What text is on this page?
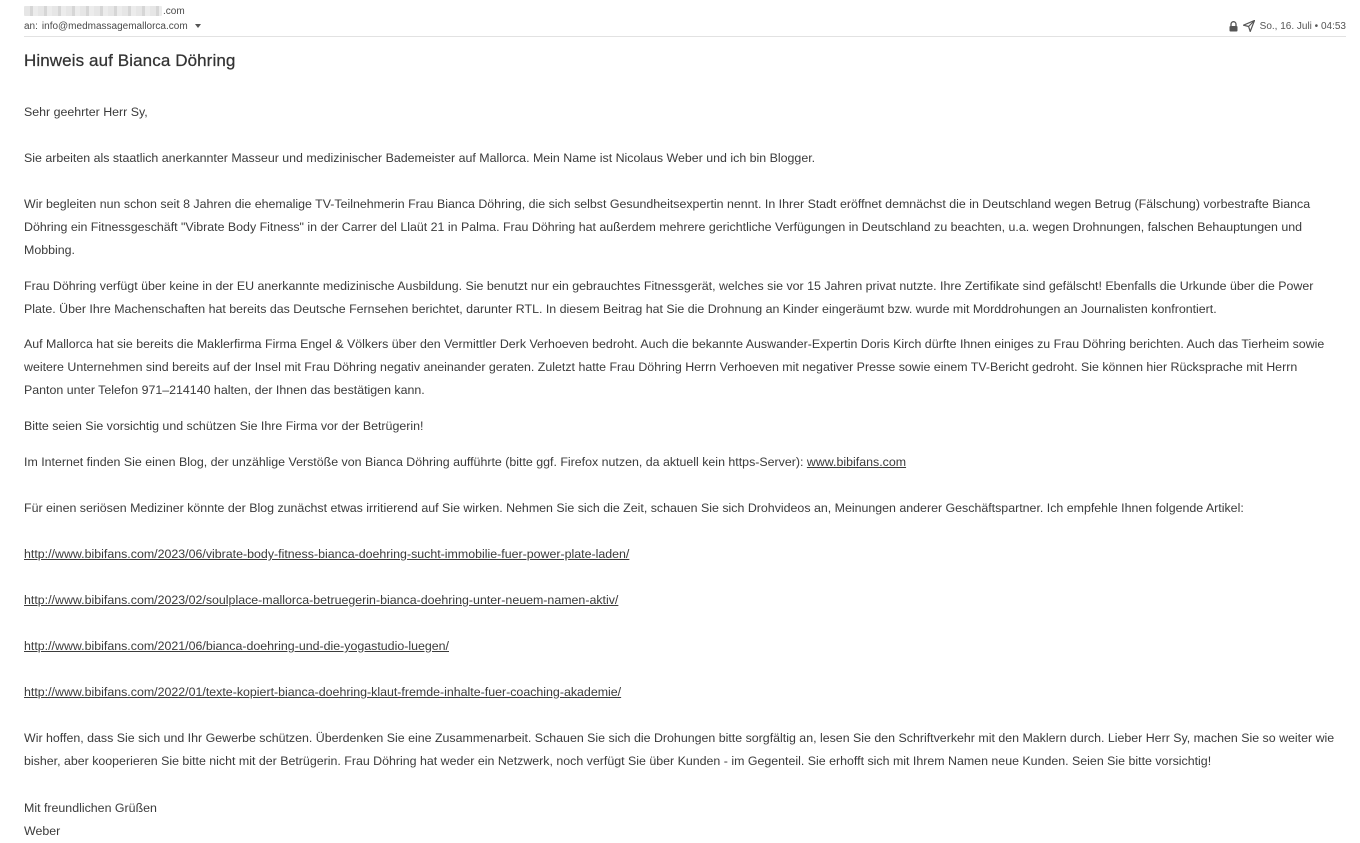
.com
an: info@medmassagemallorca.com	So., 16. Juli • 04:53
Hinweis auf Bianca Döhring

Sehr geehrter Herr Sy,

Sie arbeiten als staatlich anerkannter Masseur und medizinischer Bademeister auf Mallorca. Mein Name ist Nicolaus Weber und ich bin Blogger.

Wir begleiten nun schon seit 8 Jahren die ehemalige TV-Teilnehmerin Frau Bianca Döhring, die sich selbst Gesundheitsexpertin nennt. In Ihrer Stadt eröffnet demnächst die in Deutschland wegen Betrug (Fälschung) vorbestrafte Bianca Döhring ein Fitnessgeschäft "Vibrate Body Fitness" in der Carrer del Llaüt 21 in Palma. Frau Döhring hat außerdem mehrere gerichtliche Verfügungen in Deutschland zu beachten, u.a. wegen Drohnungen, falschen Behauptungen und Mobbing.

Frau Döhring verfügt über keine in der EU anerkannte medizinische Ausbildung. Sie benutzt nur ein gebrauchtes Fitnessgerät, welches sie vor 15 Jahren privat nutzte. Ihre Zertifikate sind gefälscht! Ebenfalls die Urkunde über die Power Plate. Über Ihre Machenschaften hat bereits das Deutsche Fernsehen berichtet, darunter RTL. In diesem Beitrag hat Sie die Drohnung an Kinder eingeräumt bzw. wurde mit Morddrohungen an Journalisten konfrontiert.

Auf Mallorca hat sie bereits die Maklerfirma Firma Engel & Völkers über den Vermittler Derk Verhoeven bedroht. Auch die bekannte Auswander-Expertin Doris Kirch dürfte Ihnen einiges zu Frau Döhring berichten. Auch das Tierheim sowie weitere Unternehmen sind bereits auf der Insel mit Frau Döhring negativ aneinander geraten. Zuletzt hatte Frau Döhring Herrn Verhoeven mit negativer Presse sowie einem TV-Bericht gedroht. Sie können hier Rücksprache mit Herrn Panton unter Telefon 971–214140 halten, der Ihnen das bestätigen kann.

Bitte seien Sie vorsichtig und schützen Sie Ihre Firma vor der Betrügerin!

Im Internet finden Sie einen Blog, der unzählige Verstöße von Bianca Döhring aufführte (bitte ggf. Firefox nutzen, da aktuell kein https-Server): www.bibifans.com

Für einen seriösen Mediziner könnte der Blog zunächst etwas irritierend auf Sie wirken. Nehmen Sie sich die Zeit, schauen Sie sich Drohvideos an, Meinungen anderer Geschäftspartner. Ich empfehle Ihnen folgende Artikel:

http://www.bibifans.com/2023/06/vibrate-body-fitness-bianca-doehring-sucht-immobilie-fuer-power-plate-laden/

http://www.bibifans.com/2023/02/soulplace-mallorca-betruegerin-bianca-doehring-unter-neuem-namen-aktiv/

http://www.bibifans.com/2021/06/bianca-doehring-und-die-yogastudio-luegen/

http://www.bibifans.com/2022/01/texte-kopiert-bianca-doehring-klaut-fremde-inhalte-fuer-coaching-akademie/

Wir hoffen, dass Sie sich und Ihr Gewerbe schützen. Überdenken Sie eine Zusammenarbeit. Schauen Sie sich die Drohungen bitte sorgfältig an, lesen Sie den Schriftverkehr mit den Maklern durch. Lieber Herr Sy, machen Sie so weiter wie bisher, aber kooperieren Sie bitte nicht mit der Betrügerin. Frau Döhring hat weder ein Netzwerk, noch verfügt Sie über Kunden - im Gegenteil. Sie erhofft sich mit Ihrem Namen neue Kunden. Seien Sie bitte vorsichtig!

Mit freundlichen Grüßen

Weber
